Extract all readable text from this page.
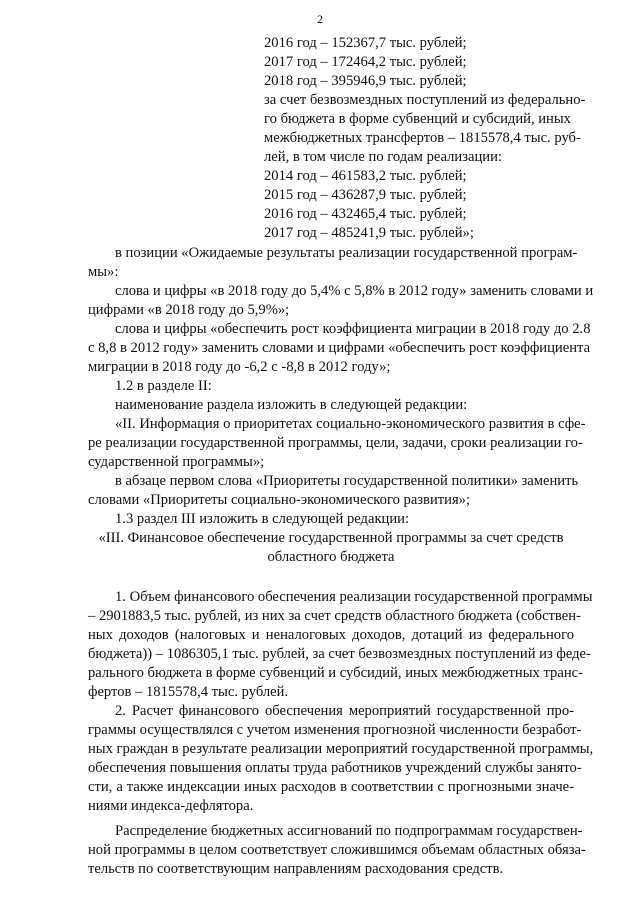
2
2016 год – 152367,7 тыс. рублей;
2017 год – 172464,2 тыс. рублей;
2018 год – 395946,9 тыс. рублей;
за счет безвозмездных поступлений из федерально-
го бюджета в форме субвенций и субсидий, иных
межбюджетных трансфертов – 1815578,4 тыс. руб-
лей, в том числе по годам реализации:
2014 год – 461583,2 тыс. рублей;
2015 год – 436287,9 тыс. рублей;
2016 год – 432465,4 тыс. рублей;
2017 год – 485241,9 тыс. рублей»;
в позиции «Ожидаемые результаты реализации государственной програм-
мы»:
слова и цифры «в 2018 году до 5,4% с 5,8% в 2012 году» заменить словами и
цифрами «в 2018 году до 5,9%»;
слова и цифры «обеспечить рост коэффициента миграции в 2018 году до 2.8
с 8,8 в 2012 году» заменить словами и цифрами «обеспечить рост коэффициента
миграции в 2018 году до -6,2 с -8,8 в 2012 году»;
1.2 в разделе II:
наименование раздела изложить в следующей редакции:
«II. Информация о приоритетах социально-экономического развития в сфе-
ре реализации государственной программы, цели, задачи, сроки реализации го-
сударственной программы»;
в абзаце первом слова «Приоритеты государственной политики» заменить
словами «Приоритеты социально-экономического развития»;
1.3 раздел III изложить в следующей редакции:
«III. Финансовое обеспечение государственной программы за счет средств
областного бюджета
1. Объем финансового обеспечения реализации государственной программы
– 2901883,5 тыс. рублей, из них за счет средств областного бюджета (собствен-
ных доходов (налоговых и неналоговых доходов, дотаций из федерального
бюджета)) – 1086305,1 тыс. рублей, за счет безвозмездных поступлений из феде-
рального бюджета в форме субвенций и субсидий, иных межбюджетных транс-
фертов – 1815578,4 тыс. рублей.
2. Расчет финансового обеспечения мероприятий государственной про-
граммы осуществлялся с учетом изменения прогнозной численности безработ-
ных граждан в результате реализации мероприятий государственной программы,
обеспечения повышения оплаты труда работников учреждений службы занято-
сти, а также индексации иных расходов в соответствии с прогнозными значе-
ниями индекса-дефлятора.
Распределение бюджетных ассигнований по подпрограммам государствен-
ной программы в целом соответствует сложившимся объемам областных обяза-
тельств по соответствующим направлениям расходования средств.
